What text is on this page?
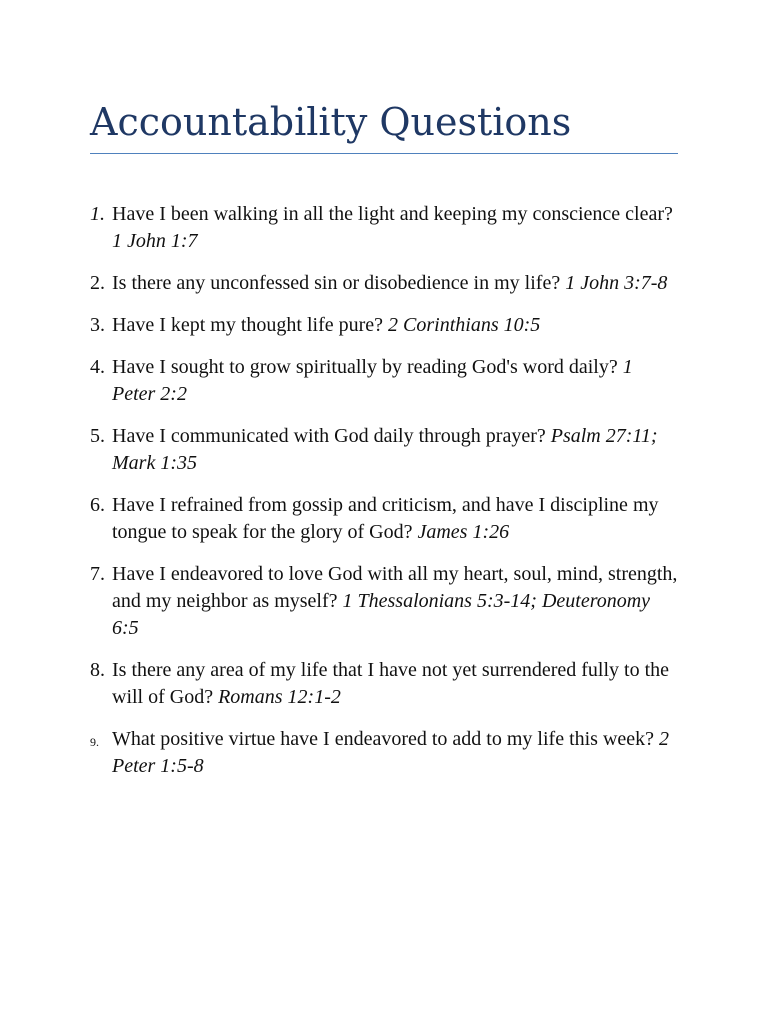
Accountability Questions
1. Have I been walking in all the light and keeping my conscience clear? 1 John 1:7
2. Is there any unconfessed sin or disobedience in my life? 1 John 3:7-8
3. Have I kept my thought life pure? 2 Corinthians 10:5
4. Have I sought to grow spiritually by reading God's word daily? 1 Peter 2:2
5. Have I communicated with God daily through prayer? Psalm 27:11; Mark 1:35
6. Have I refrained from gossip and criticism, and have I discipline my tongue to speak for the glory of God? James 1:26
7. Have I endeavored to love God with all my heart, soul, mind, strength, and my neighbor as myself? 1 Thessalonians 5:3-14; Deuteronomy 6:5
8. Is there any area of my life that I have not yet surrendered fully to the will of God? Romans 12:1-2
9. What positive virtue have I endeavored to add to my life this week? 2 Peter 1:5-8
